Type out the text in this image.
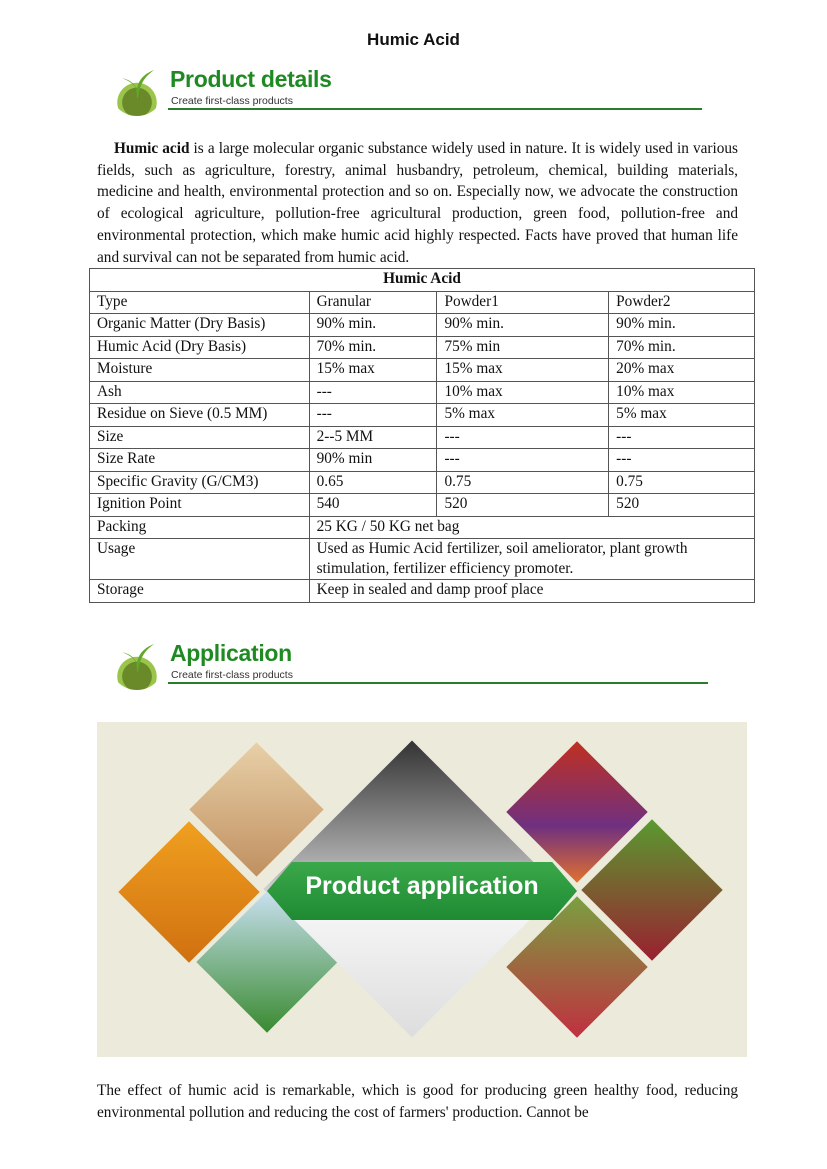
Humic Acid
Product details
Create first-class products

Humic acid is a large molecular organic substance widely used in nature. It is widely used in various fields, such as agriculture, forestry, animal husbandry, petroleum, chemical, building materials, medicine and health, environmental protection and so on. Especially now, we advocate the construction of ecological agriculture, pollution-free agricultural production, green food, pollution-free and environmental protection, which make humic acid highly respected. Facts have proved that human life and survival can not be separated from humic acid.

Humic Acid			
Type	Granular	Powder1	Powder2
Organic Matter (Dry Basis)	90% min.	90% min.	90% min.
Humic Acid (Dry Basis)	70% min.	75% min	70% min.
Moisture	15% max	15% max	20% max
Ash	---	10% max	10% max
Residue on Sieve (0.5 MM)	---	5% max	5% max
Size	2--5 MM	---	---
Size Rate	90% min	---	---
Specific Gravity (G/CM3)	0.65	0.75	0.75
Ignition Point	540	520	520
Packing	25 KG / 50 KG net bag		
Usage	Used as Humic Acid fertilizer, soil ameliorator, plant growth stimulation, fertilizer efficiency promoter.		
Storage	Keep in sealed and damp proof place		
Application
Create first-class products
Product application

The effect of humic acid is remarkable, which is good for producing green healthy food, reducing environmental pollution and reducing the cost of farmers' production. Cannot be
